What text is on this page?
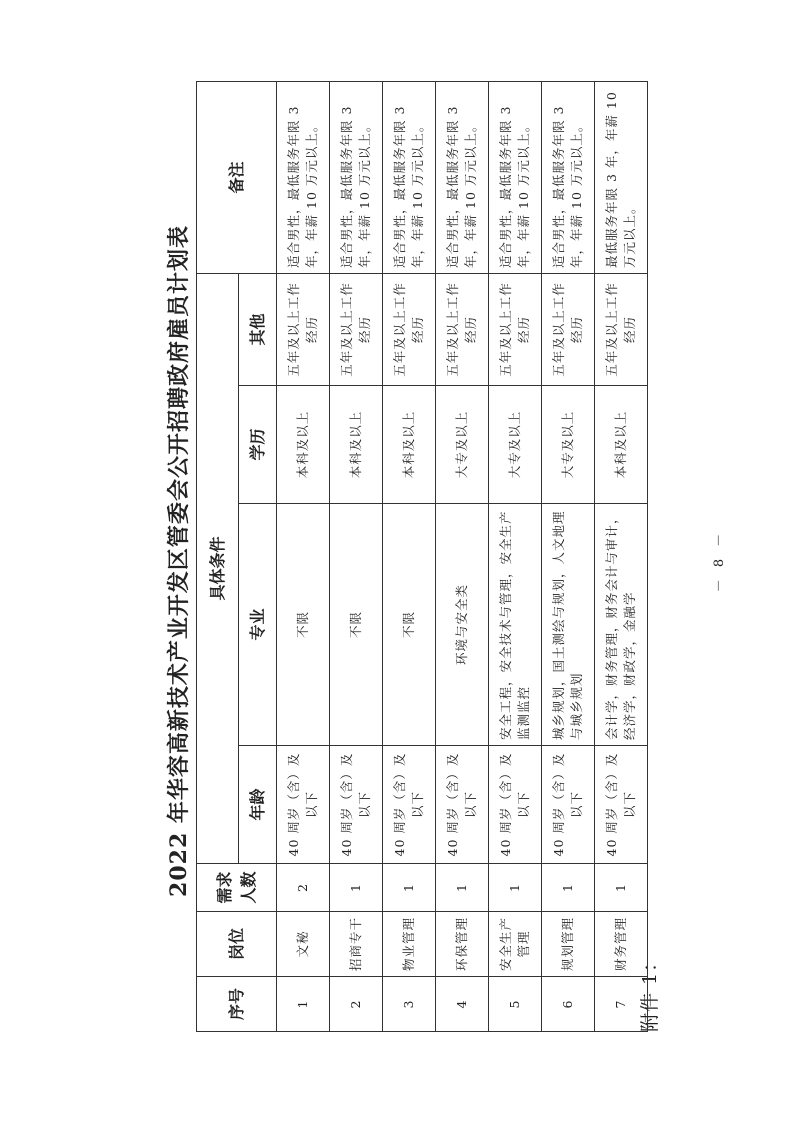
附件 1：
2022 年华容高新技术产业开发区管委会公开招聘政府雇员计划表
序号	岗位	需求人数	具体条件				备注
			年龄	专业	学历	其他	
1	文秘	2	40 周岁（含）及以下	不限	本科及以上	五年及以上工作经历	适合男性，最低服务年限 3 年，年薪 10 万元以上。
2	招商专干	1	40 周岁（含）及以下	不限	本科及以上	五年及以上工作经历	适合男性，最低服务年限 3 年，年薪 10 万元以上。
3	物业管理	1	40 周岁（含）及以下	不限	本科及以上	五年及以上工作经历	适合男性，最低服务年限 3 年，年薪 10 万元以上。
4	环保管理	1	40 周岁（含）及以下	环境与安全类	大专及以上	五年及以上工作经历	适合男性，最低服务年限 3 年，年薪 10 万元以上。
5	安全生产管理	1	40 周岁（含）及以下	安全工程，安全技术与管理，安全生产监测监控	大专及以上	五年及以上工作经历	适合男性，最低服务年限 3 年，年薪 10 万元以上。
6	规划管理	1	40 周岁（含）及以下	城乡规划，国土测绘与规划，人文地理与城乡规划	大专及以上	五年及以上工作经历	适合男性，最低服务年限 3 年，年薪 10 万元以上。
7	财务管理	1	40 周岁（含）及以下	会计学，财务管理，财务会计与审计，经济学，财政学，金融学	本科及以上	五年及以上工作经历	最低服务年限 3 年，年薪 10 万元以上。
－ 8 －
